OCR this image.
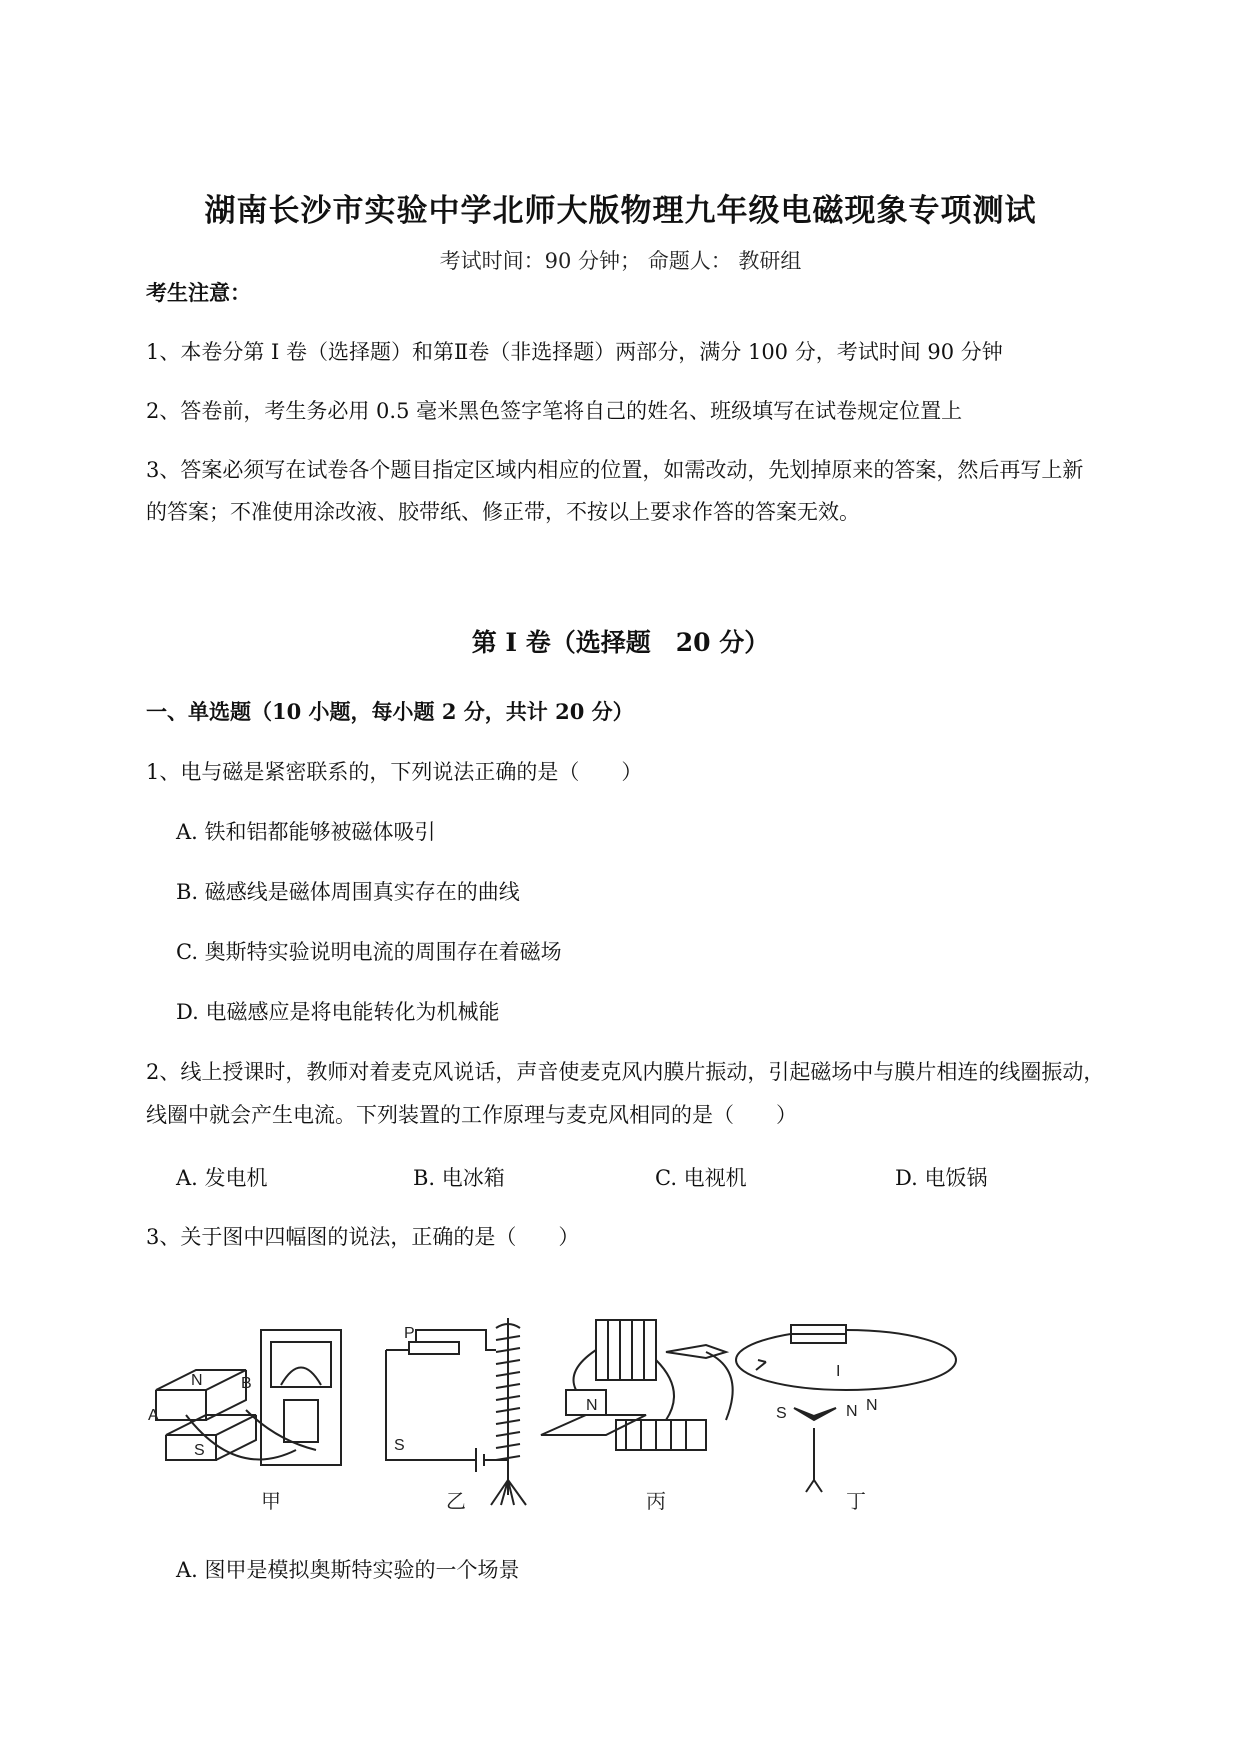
湖南长沙市实验中学北师大版物理九年级电磁现象专项测试
考试时间：90 分钟； 命题人： 教研组
考生注意：
1、本卷分第 I 卷（选择题）和第Ⅱ卷（非选择题）两部分，满分 100 分，考试时间 90 分钟
2、答卷前，考生务必用 0.5 毫米黑色签字笔将自己的姓名、班级填写在试卷规定位置上
3、答案必须写在试卷各个题目指定区域内相应的位置，如需改动，先划掉原来的答案，然后再写上新
的答案；不准使用涂改液、胶带纸、修正带，不按以上要求作答的答案无效。
第 I 卷（选择题　20 分）
一、单选题（10 小题，每小题 2 分，共计 20 分）
1、电与磁是紧密联系的，下列说法正确的是（　　）
A. 铁和铝都能够被磁体吸引
B. 磁感线是磁体周围真实存在的曲线
C. 奥斯特实验说明电流的周围存在着磁场
D. 电磁感应是将电能转化为机械能
2、线上授课时，教师对着麦克风说话，声音使麦克风内膜片振动，引起磁场中与膜片相连的线圈振动，
线圈中就会产生电流。下列装置的工作原理与麦克风相同的是（　　）
A. 发电机	B. 电冰箱	C. 电视机	D. 电饭锅
3、关于图中四幅图的说法，正确的是（　　）
N B
A
S
P
S
N	N
I
S	N
甲	乙	丙	丁
A. 图甲是模拟奥斯特实验的一个场景
